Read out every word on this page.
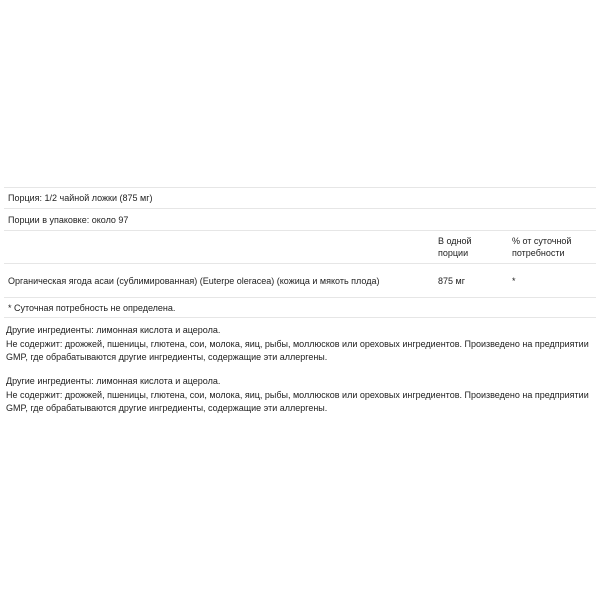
Порция: 1/2 чайной ложки (875 мг)		
Порции в упаковке: около 97		
	В одной порции	% от суточной потребности
Органическая ягода асаи (сублимированная) (Euterpe oleracea) (кожица и мякоть плода)	875 мг	*
* Суточная потребность не определена.		
Другие ингредиенты: лимонная кислота и ацерола.
Не содержит: дрожжей, пшеницы, глютена, сои, молока, яиц, рыбы, моллюсков или ореховых ингредиентов. Произведено на предприятии GMP, где обрабатываются другие ингредиенты, содержащие эти аллергены.
Другие ингредиенты: лимонная кислота и ацерола.
Не содержит: дрожжей, пшеницы, глютена, сои, молока, яиц, рыбы, моллюсков или ореховых ингредиентов. Произведено на предприятии GMP, где обрабатываются другие ингредиенты, содержащие эти аллергены.
